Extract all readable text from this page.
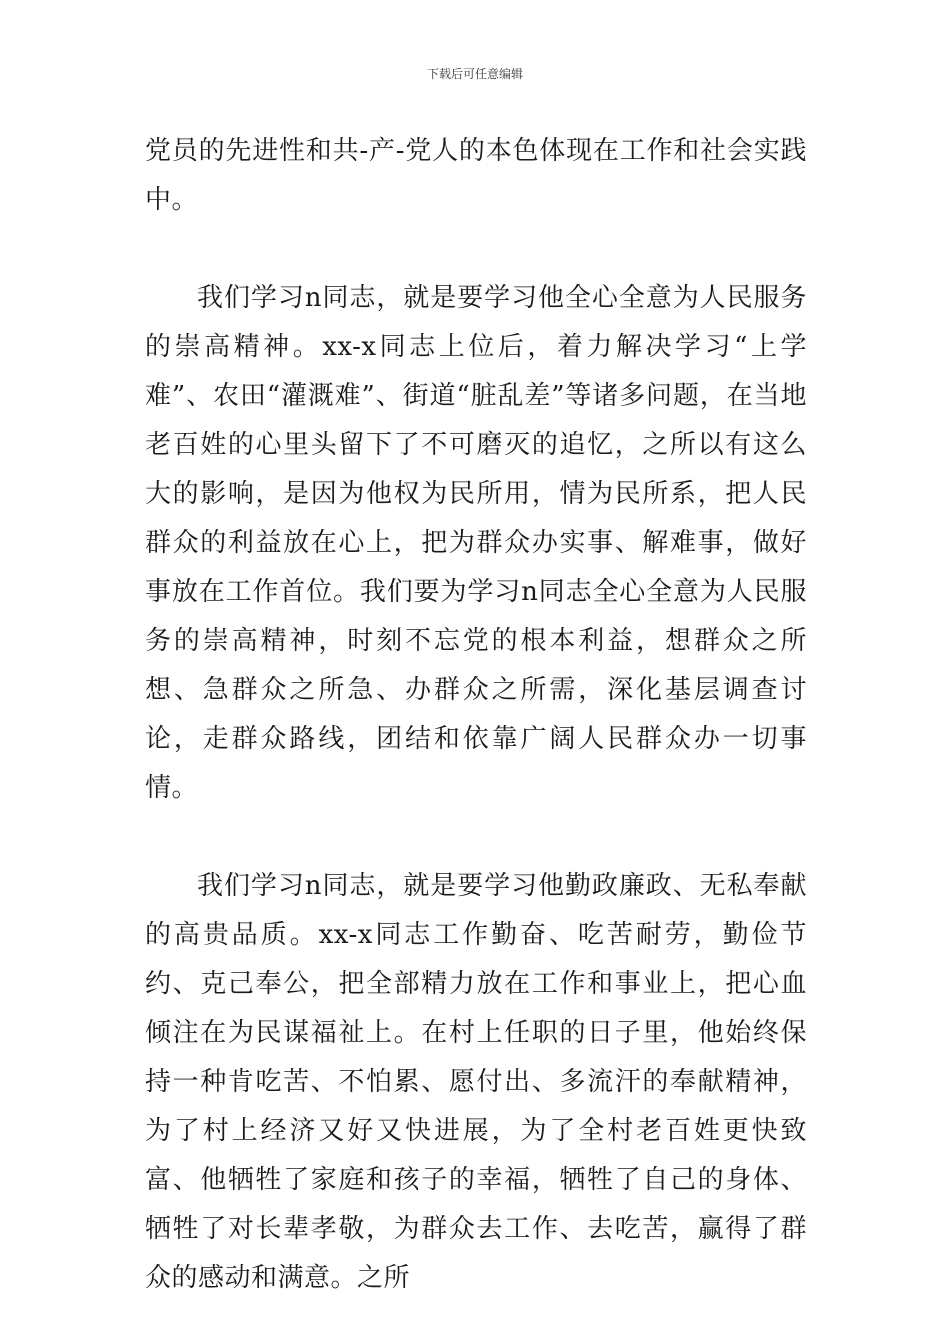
下载后可任意编辑

党员的先进性和共-产-党人的本色体现在工作和社会实践中。

我们学习n同志，就是要学习他全心全意为人民服务的崇高精神。xx-x同志上位后，着力解决学习“上学难”、农田“灌溉难”、街道“脏乱差”等诸多问题，在当地老百姓的心里头留下了不可磨灭的追忆，之所以有这么大的影响，是因为他权为民所用，情为民所系，把人民群众的利益放在心上，把为群众办实事、解难事，做好事放在工作首位。我们要为学习n同志全心全意为人民服务的崇高精神，时刻不忘党的根本利益，想群众之所想、急群众之所急、办群众之所需，深化基层调查讨论，走群众路线，团结和依靠广阔人民群众办一切事情。

我们学习n同志，就是要学习他勤政廉政、无私奉献的高贵品质。xx-x同志工作勤奋、吃苦耐劳，勤俭节约、克己奉公，把全部精力放在工作和事业上，把心血倾注在为民谋福祉上。在村上任职的日子里，他始终保持一种肯吃苦、不怕累、愿付出、多流汗的奉献精神，为了村上经济又好又快进展，为了全村老百姓更快致富、他牺牲了家庭和孩子的幸福，牺牲了自己的身体、牺牲了对长辈孝敬，为群众去工作、去吃苦，赢得了群众的感动和满意。之所
